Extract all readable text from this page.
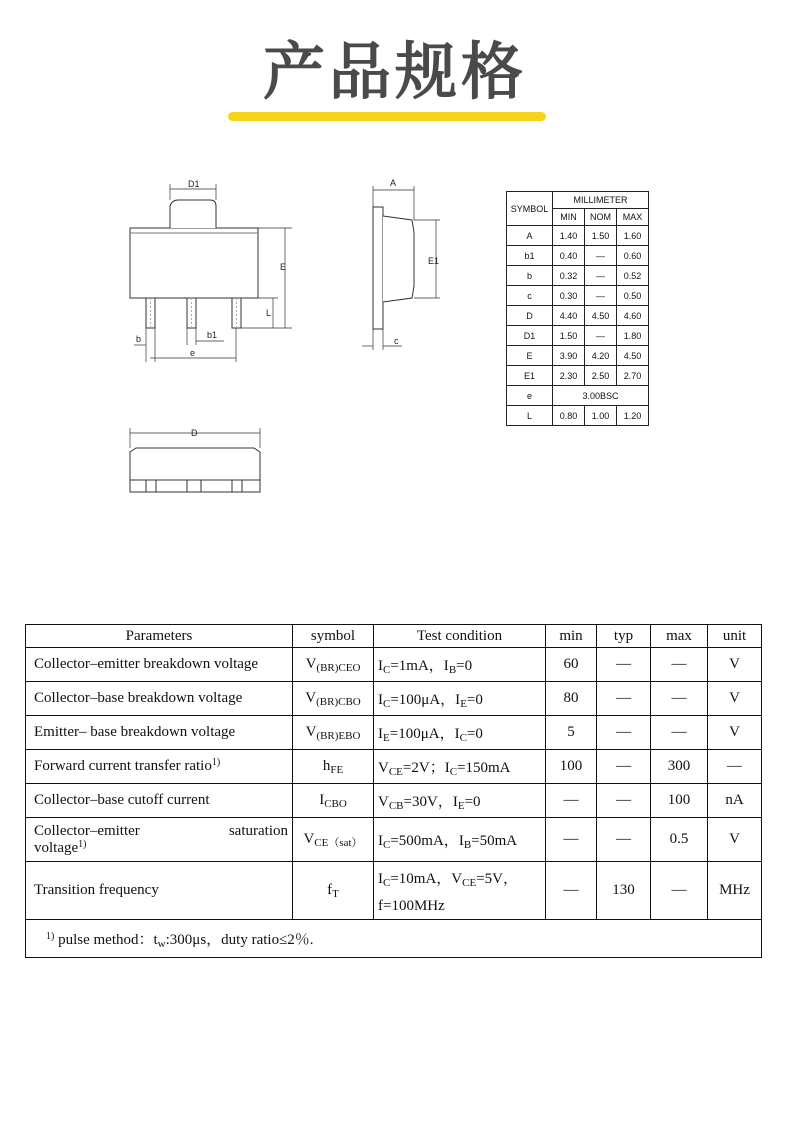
产品规格
D1
E
L
b	b1
e
A
E1
c
D
SYMBOL	MILLIMETER		
	MIN	NOM	MAX
A	1.40	1.50	1.60
b1	0.40	—	0.60
b	0.32	—	0.52
c	0.30	—	0.50
D	4.40	4.50	4.60
D1	1.50	—	1.80
E	3.90	4.20	4.50
E1	2.30	2.50	2.70
e	3.00BSC		
L	0.80	1.00	1.20
Parameters	symbol	Test condition	min	typ	max	unit
Collector–emitter breakdown voltage	$V_{(BR)CEO}$	$I_C=1mA$，$I_B=0$	60	—	—	V
Collector–base breakdown voltage	$V_{(BR)CBO}$	$I_C=100\mu A$，$I_E=0$	80	—	—	V
Emitter– base breakdown voltage	$V_{(BR)EBO}$	$I_E=100\mu A$，$I_C=0$	5	—	—	V
Forward current transfer ratio$^{1)}$	$h_{FE}$	$V_{CE}=2V$；$I_C=150mA$	100	—	300	—
Collector–base cutoff current	$I_{CBO}$	$V_{CB}=30V$，$I_E=0$	—	—	100	nA

Collector–emitter saturation
voltage$^{1)}$	$V_{CE(sat)}$	$I_C=500mA$，$I_B=50mA$	—	—	0.5	V
Transition frequency	$f_T$	$I_C=10mA$，$V_{CE}=5V$，
f=100MHz	—	130	—	MHz
$^{1)}$ pulse method：$t_w:300\mu s$，duty ratio≤2％.						
